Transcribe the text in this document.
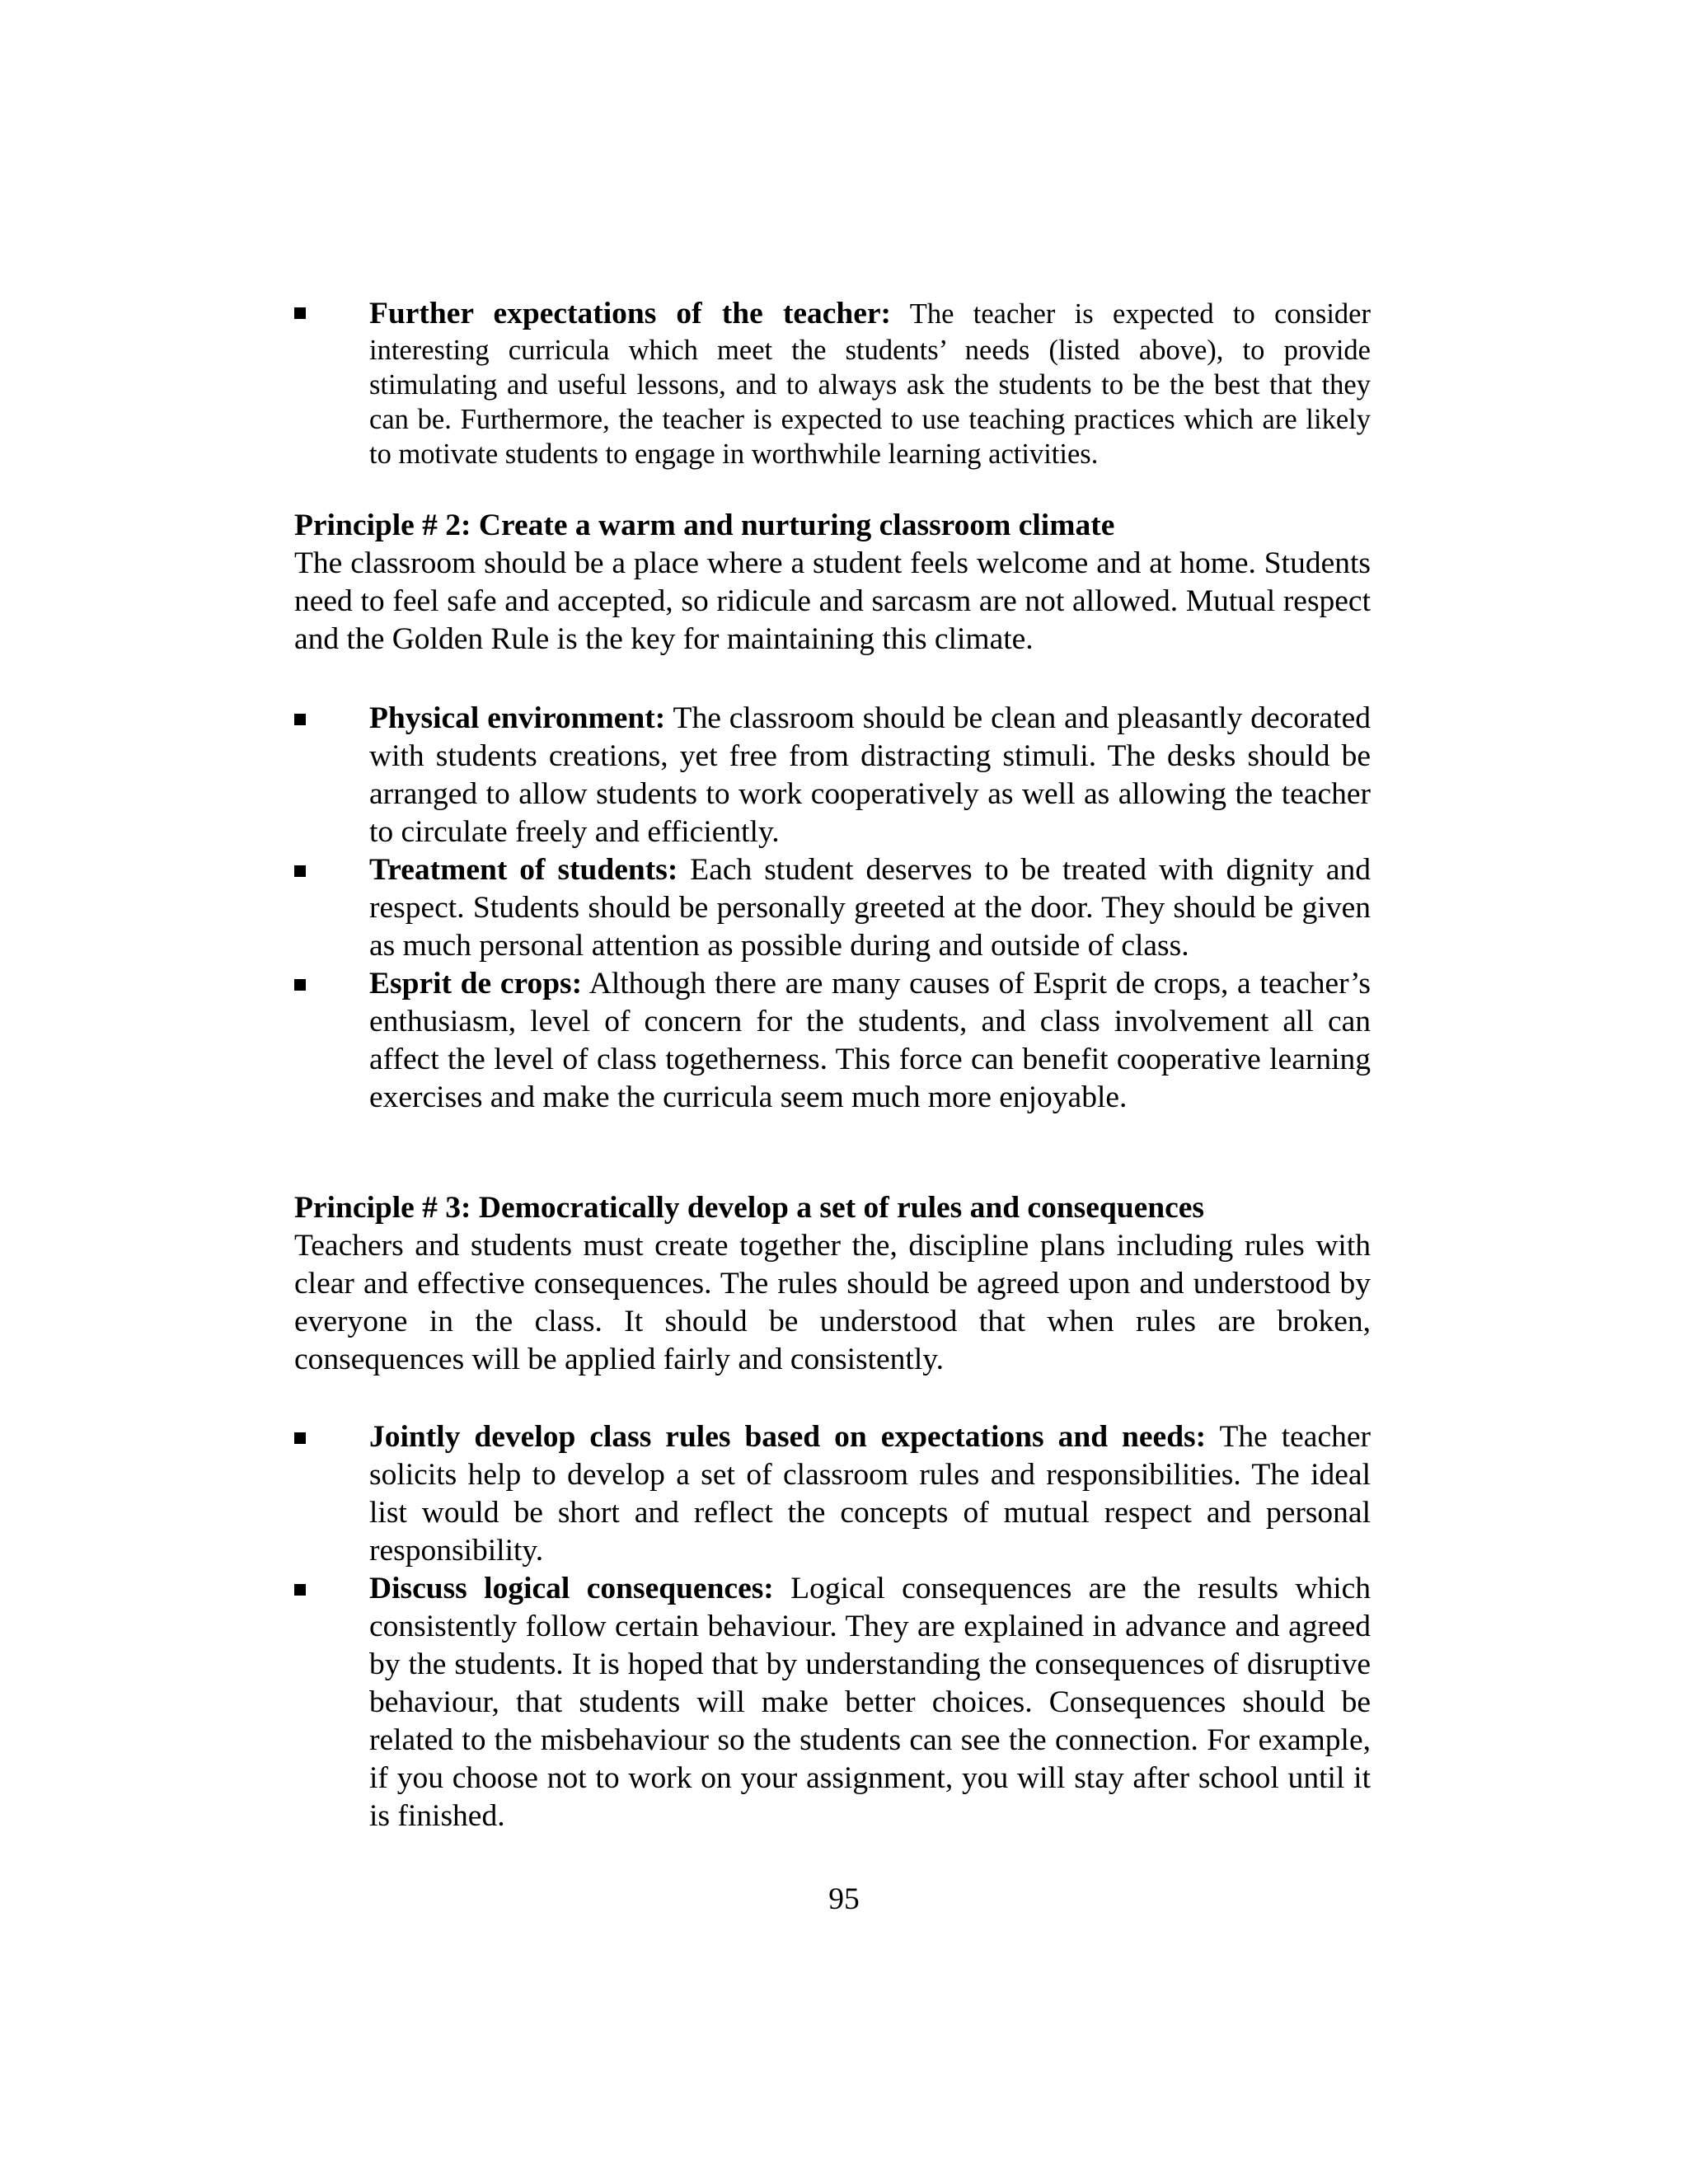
Further expectations of the teacher: The teacher is expected to consider interesting curricula which meet the students’ needs (listed above), to provide stimulating and useful lessons, and to always ask the students to be the best that they can be. Furthermore, the teacher is expected to use teaching practices which are likely to motivate students to engage in worthwhile learning activities.

Principle # 2: Create a warm and nurturing classroom climate

The classroom should be a place where a student feels welcome and at home. Students need to feel safe and accepted, so ridicule and sarcasm are not allowed. Mutual respect and the Golden Rule is the key for maintaining this climate.

Physical environment: The classroom should be clean and pleasantly decorated with students creations, yet free from distracting stimuli. The desks should be arranged to allow students to work cooperatively as well as allowing the teacher to circulate freely and efficiently.

Treatment of students: Each student deserves to be treated with dignity and respect. Students should be personally greeted at the door. They should be given as much personal attention as possible during and outside of class.

Esprit de crops: Although there are many causes of Esprit de crops, a teacher’s enthusiasm, level of concern for the students, and class involvement all can affect the level of class togetherness. This force can benefit cooperative learning exercises and make the curricula seem much more enjoyable.

Principle # 3: Democratically develop a set of rules and consequences

Teachers and students must create together the, discipline plans including rules with clear and effective consequences. The rules should be agreed upon and understood by everyone in the class. It should be understood that when rules are broken, consequences will be applied fairly and consistently.

Jointly develop class rules based on expectations and needs: The teacher solicits help to develop a set of classroom rules and responsibilities. The ideal list would be short and reflect the concepts of mutual respect and personal responsibility.

Discuss logical consequences: Logical consequences are the results which consistently follow certain behaviour. They are explained in advance and agreed by the students. It is hoped that by understanding the consequences of disruptive behaviour, that students will make better choices. Consequences should be related to the misbehaviour so the students can see the connection. For example, if you choose not to work on your assignment, you will stay after school until it is finished.

95
